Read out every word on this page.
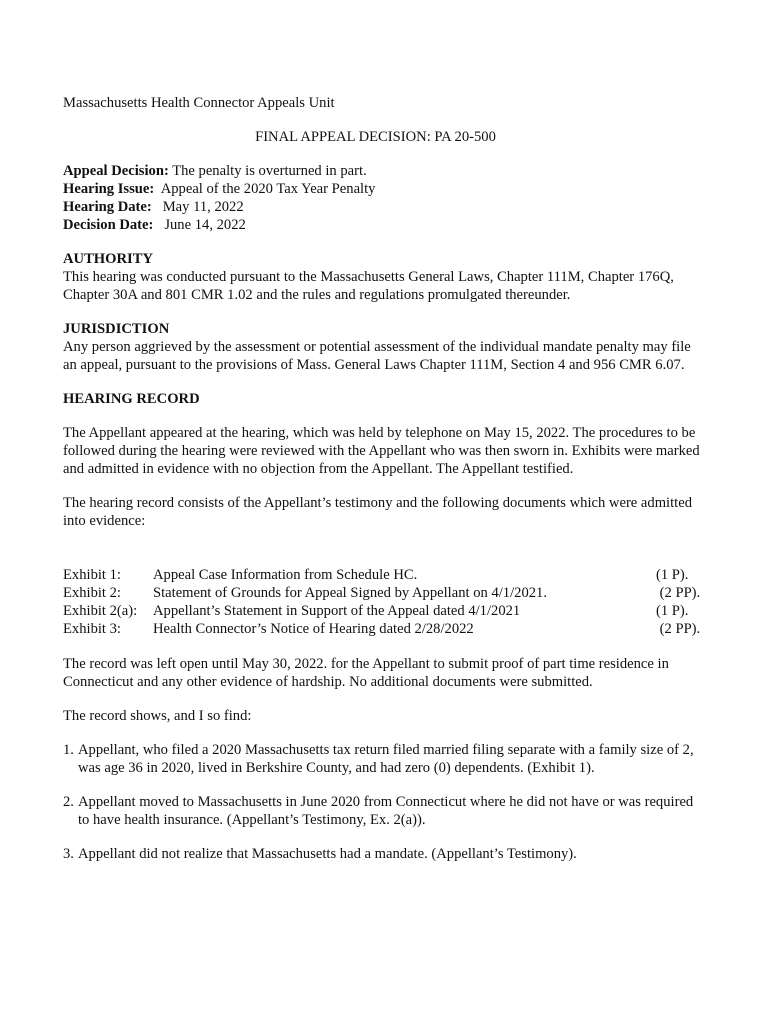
Massachusetts Health Connector Appeals Unit

FINAL APPEAL DECISION: PA 20-500

Appeal Decision: The penalty is overturned in part.

Hearing Issue:  Appeal of the 2020 Tax Year Penalty

Hearing Date:   May 11, 2022

Decision Date:   June 14, 2022

AUTHORITY

This hearing was conducted pursuant to the Massachusetts General Laws, Chapter 111M, Chapter 176Q, Chapter 30A and 801 CMR 1.02 and the rules and regulations promulgated thereunder.

JURISDICTION

Any person aggrieved by the assessment or potential assessment of the individual mandate penalty may file an appeal, pursuant to the provisions of Mass. General Laws Chapter 111M, Section 4 and 956 CMR 6.07.

HEARING RECORD

The Appellant appeared at the hearing, which was held by telephone on May 15, 2022. The procedures to be followed during the hearing were reviewed with the Appellant who was then sworn in. Exhibits were marked and admitted in evidence with no objection from the Appellant. The Appellant testified.

The hearing record consists of the Appellant’s testimony and the following documents which were admitted into evidence:

Exhibit 1:	Appeal Case Information from Schedule HC.	(1 P).
Exhibit 2:	Statement of Grounds for Appeal Signed by Appellant on 4/1/2021.	(2 PP).
Exhibit 2(a):	Appellant’s Statement in Support of the Appeal dated 4/1/2021	(1 P).
Exhibit 3:	Health Connector’s Notice of Hearing dated 2/28/2022	(2 PP).

The record was left open until May 30, 2022. for the Appellant to submit proof of part time residence in Connecticut and any other evidence of hardship. No additional documents were submitted.

The record shows, and I so find:

1. Appellant, who filed a 2020 Massachusetts tax return filed married filing separate with a family size of 2, was age 36 in 2020, lived in Berkshire County, and had zero (0) dependents. (Exhibit 1).
2. Appellant moved to Massachusetts in June 2020 from Connecticut where he did not have or was required to have health insurance. (Appellant’s Testimony, Ex. 2(a)).
3. Appellant did not realize that Massachusetts had a mandate. (Appellant’s Testimony).
